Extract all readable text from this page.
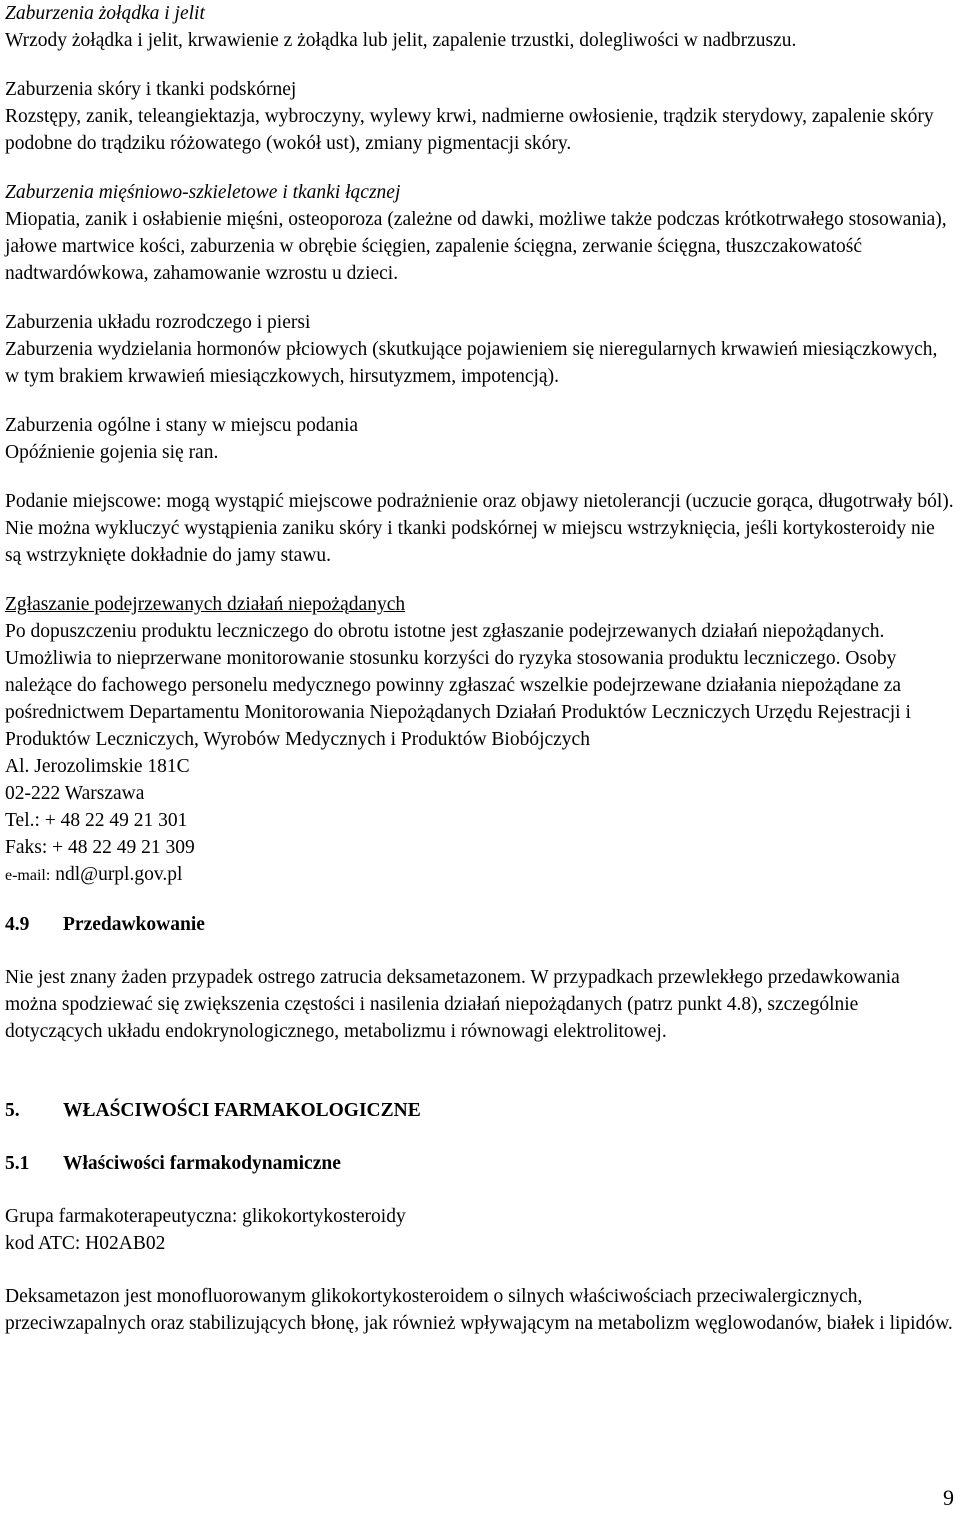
Zaburzenia żołądka i jelit

Wrzody żołądka i jelit, krwawienie z żołądka lub jelit, zapalenie trzustki, dolegliwości w nadbrzuszu.

Zaburzenia skóry i tkanki podskórnej

Rozstępy, zanik, teleangiektazja, wybroczyny, wylewy krwi, nadmierne owłosienie, trądzik sterydowy, zapalenie skóry podobne do trądziku różowatego (wokół ust), zmiany pigmentacji skóry.

Zaburzenia mięśniowo-szkieletowe i tkanki łącznej

Miopatia, zanik i osłabienie mięśni, osteoporoza (zależne od dawki, możliwe także podczas krótkotrwałego stosowania), jałowe martwice kości, zaburzenia w obrębie ścięgien, zapalenie ścięgna, zerwanie ścięgna, tłuszczakowatość nadtwardówkowa, zahamowanie wzrostu u dzieci.

Zaburzenia układu rozrodczego i piersi

Zaburzenia wydzielania hormonów płciowych (skutkujące pojawieniem się nieregularnych krwawień miesiączkowych, w tym brakiem krwawień miesiączkowych, hirsutyzmem, impotencją).

Zaburzenia ogólne i stany w miejscu podania

Opóźnienie gojenia się ran.

Podanie miejscowe: mogą wystąpić miejscowe podrażnienie oraz objawy nietolerancji (uczucie gorąca, długotrwały ból).

Nie można wykluczyć wystąpienia zaniku skóry i tkanki podskórnej w miejscu wstrzyknięcia, jeśli kortykosteroidy nie są wstrzyknięte dokładnie do jamy stawu.

Zgłaszanie podejrzewanych działań niepożądanych

Po dopuszczeniu produktu leczniczego do obrotu istotne jest zgłaszanie podejrzewanych działań niepożądanych. Umożliwia to nieprzerwane monitorowanie stosunku korzyści do ryzyka stosowania produktu leczniczego. Osoby należące do fachowego personelu medycznego powinny zgłaszać wszelkie podejrzewane działania niepożądane za pośrednictwem Departamentu Monitorowania Niepożądanych Działań Produktów Leczniczych Urzędu Rejestracji i Produktów Leczniczych, Wyrobów Medycznych i Produktów Biobójczych

Al. Jerozolimskie 181C

02-222 Warszawa

Tel.: + 48 22 49 21 301

Faks: + 48 22 49 21 309

e-mail: ndl@urpl.gov.pl

4.9 Przedawkowanie

Nie jest znany żaden przypadek ostrego zatrucia deksametazonem. W przypadkach przewlekłego przedawkowania można spodziewać się zwiększenia częstości i nasilenia działań niepożądanych (patrz punkt 4.8), szczególnie dotyczących układu endokrynologicznego, metabolizmu i równowagi elektrolitowej.

5. WŁAŚCIWOŚCI FARMAKOLOGICZNE

5.1 Właściwości farmakodynamiczne

Grupa farmakoterapeutyczna: glikokortykosteroidy

kod ATC: H02AB02

Deksametazon jest monofluorowanym glikokortykosteroidem o silnych właściwościach przeciwalergicznych, przeciwzapalnych oraz stabilizujących błonę, jak również wpływającym na metabolizm węglowodanów, białek i lipidów.

9
